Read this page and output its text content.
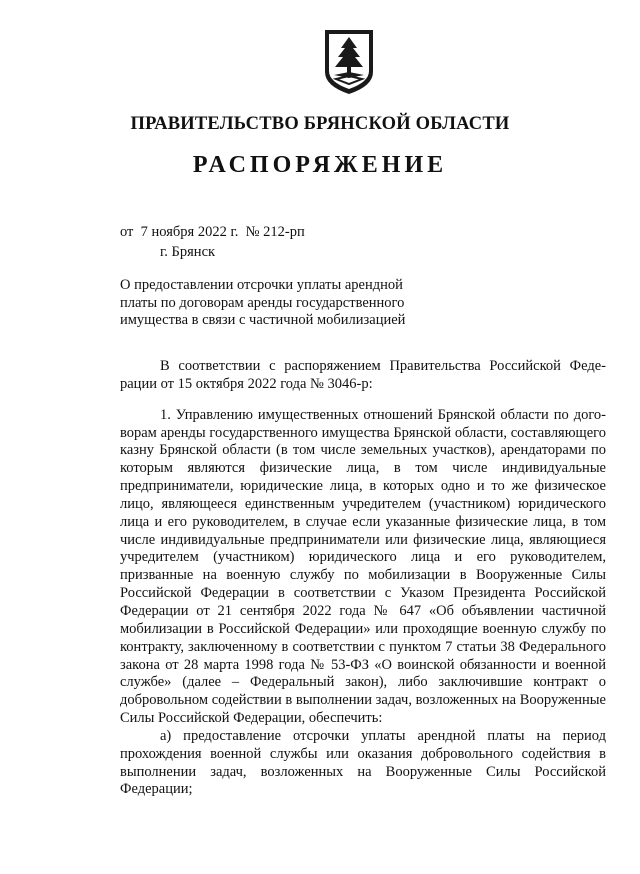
ПРАВИТЕЛЬСТВО БРЯНСКОЙ ОБЛАСТИ
РАСПОРЯЖЕНИЕ
от  7 ноября 2022 г.  № 212-рп
г. Брянск
О предоставлении отсрочки уплаты арендной
платы по договорам аренды государственного
имущества в связи с частичной мобилизацией

В соответствии с распоряжением Правительства Российской Федерации от 15 октября 2022 года № 3046-р:

1. Управлению имущественных отношений Брянской области по договорам аренды государственного имущества Брянской области, составляющего казну Брянской области (в том числе земельных участков), арендаторами по которым являются физические лица, в том числе индивидуальные предприниматели, юридические лица, в которых одно и то же физическое лицо, являющееся единственным учредителем (участником) юридического лица и его руководителем, в случае если указанные физические лица, в том числе индивидуальные предприниматели или физические лица, являющиеся учредителем (участником) юридического лица и его руководителем, призванные на военную службу по мобилизации в Вооруженные Силы Российской Федерации в соответствии с Указом Президента Российской Федерации от 21 сентября 2022 года № 647 «Об объявлении частичной мобилизации в Российской Федерации» или проходящие военную службу по контракту, заключенному в соответствии с пунктом 7 статьи 38 Федерального закона от 28 марта 1998 года № 53-ФЗ «О воинской обязанности и военной службе» (далее – Федеральный закон), либо заключившие контракт о добровольном содействии в выполнении задач, возложенных на Вооруженные Силы Российской Федерации, обеспечить:

а) предоставление отсрочки уплаты арендной платы на период прохождения военной службы или оказания добровольного содействия в выполнении задач, возложенных на Вооруженные Силы Российской Федерации;
